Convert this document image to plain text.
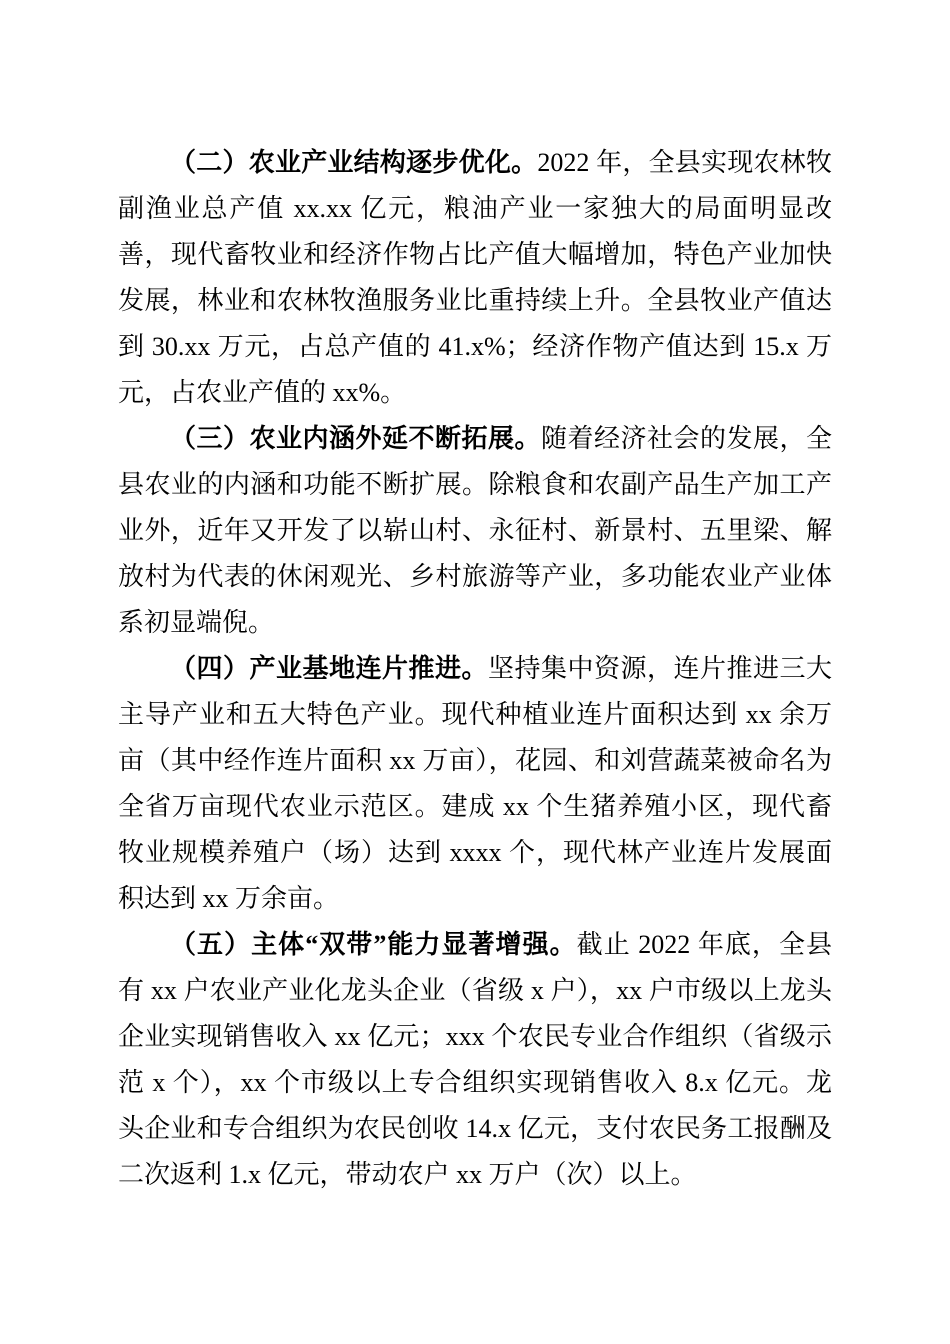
（二）农业产业结构逐步优化。2022 年，全县实现农林牧副渔业总产值 xx.xx 亿元，粮油产业一家独大的局面明显改善，现代畜牧业和经济作物占比产值大幅增加，特色产业加快发展，林业和农林牧渔服务业比重持续上升。全县牧业产值达到 30.xx 万元，占总产值的 41.x%；经济作物产值达到 15.x 万元，占农业产值的 xx%。

（三）农业内涵外延不断拓展。随着经济社会的发展，全县农业的内涵和功能不断扩展。除粮食和农副产品生产加工产业外，近年又开发了以崭山村、永征村、新景村、五里梁、解放村为代表的休闲观光、乡村旅游等产业，多功能农业产业体系初显端倪。

（四）产业基地连片推进。坚持集中资源，连片推进三大主导产业和五大特色产业。现代种植业连片面积达到 xx 余万亩（其中经作连片面积 xx 万亩），花园、和刘营蔬菜被命名为全省万亩现代农业示范区。建成 xx 个生猪养殖小区，现代畜牧业规模养殖户（场）达到 xxxx 个，现代林产业连片发展面积达到 xx 万余亩。

（五）主体“双带”能力显著增强。截止 2022 年底，全县有 xx 户农业产业化龙头企业（省级 x 户），xx 户市级以上龙头企业实现销售收入 xx 亿元；xxx 个农民专业合作组织（省级示范 x 个），xx 个市级以上专合组织实现销售收入 8.x 亿元。龙头企业和专合组织为农民创收 14.x 亿元，支付农民务工报酬及二次返利 1.x 亿元，带动农户 xx 万户（次）以上。
